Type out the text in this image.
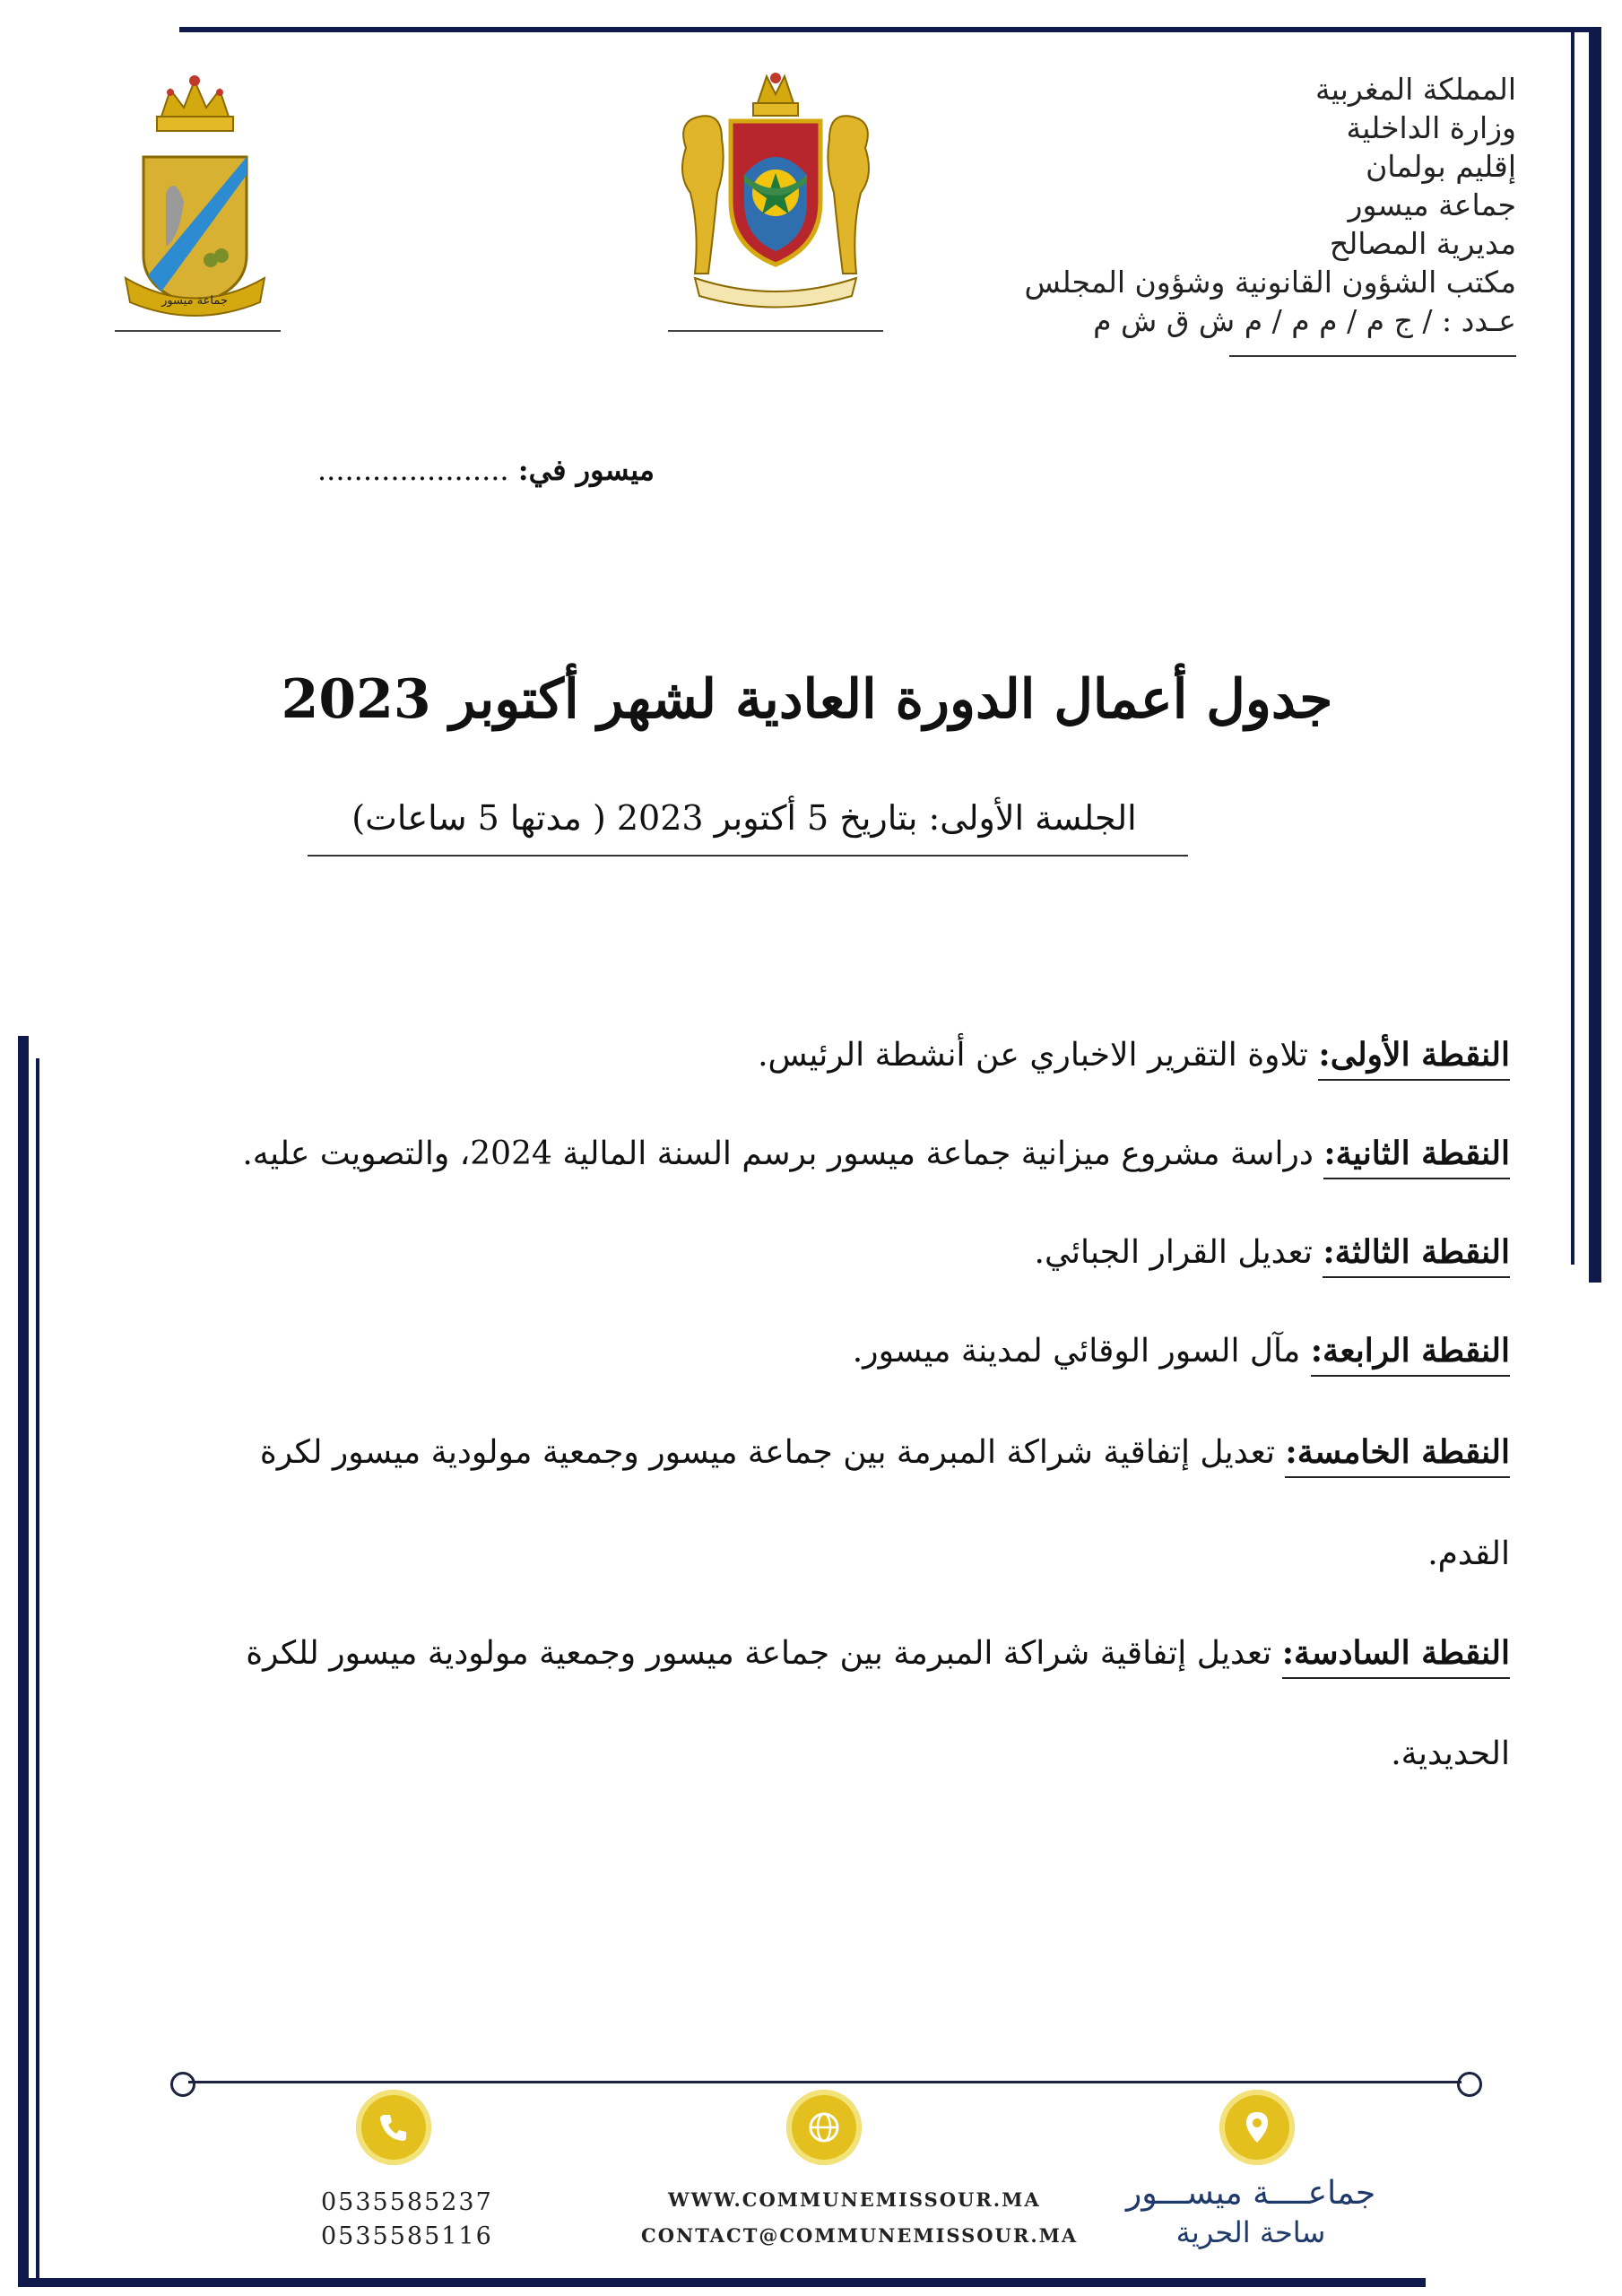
المملكة المغربية
وزارة الداخلية
إقليم بولمان
جماعة ميسور
مديرية المصالح
مكتب الشؤون القانونية وشؤون المجلس
عـدد : / ج م / م م / م ش ق ش م
جماعة ميسور
ميسور في: .....................
جدول أعمال الدورة العادية لشهر أكتوبر 2023
الجلسة الأولى: بتاريخ 5 أكتوبر 2023 ( مدتها 5 ساعات)
النقطة الأولى: تلاوة التقرير الاخباري عن أنشطة الرئيس.
النقطة الثانية: دراسة مشروع ميزانية جماعة ميسور برسم السنة المالية 2024، والتصويت عليه.
النقطة الثالثة: تعديل القرار الجبائي.
النقطة الرابعة: مآل السور الوقائي لمدينة ميسور.
النقطة الخامسة: تعديل إتفاقية شراكة المبرمة بين جماعة ميسور وجمعية مولودية ميسور لكرة
القدم.
النقطة السادسة: تعديل إتفاقية شراكة المبرمة بين جماعة ميسور وجمعية مولودية ميسور للكرة
الحديدية.
0535585237
0535585116
WWW.COMMUNEMISSOUR.MA
CONTACT@COMMUNEMISSOUR.MA
جماعــــة ميســـور
ساحة الحرية
